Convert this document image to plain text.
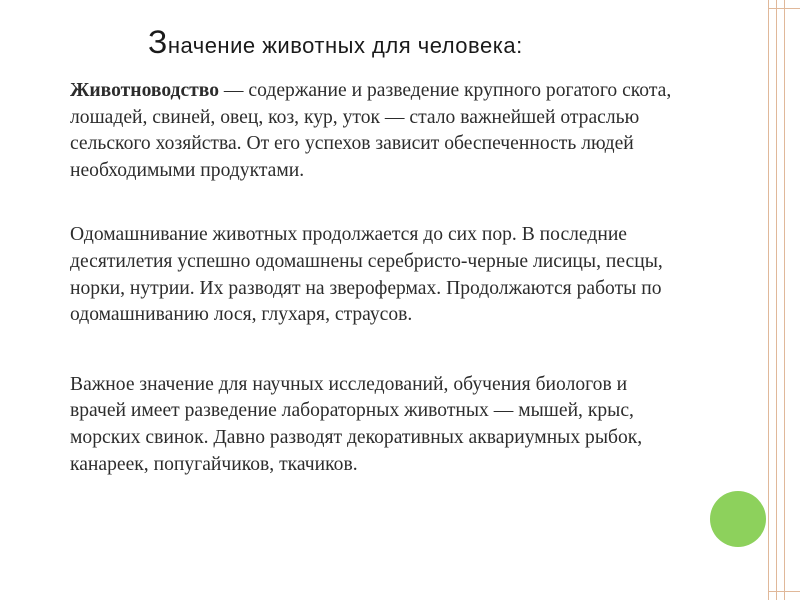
Значение животных для человека:
Животноводство — содержание и разведение крупного рогатого скота, лошадей, свиней, овец, коз, кур, уток — стало важнейшей отраслью сельского хозяйства. От его успехов зависит обеспеченность людей необходимыми продуктами.
Одомашнивание животных продолжается до сих пор. В последние десятилетия успешно одомашнены серебристо-черные лисицы, песцы, норки, нутрии. Их разводят на зверофермах. Продолжаются работы по одомашниванию лося, глухаря, страусов.
Важное значение для научных исследований, обучения биологов и врачей имеет разведение лабораторных животных — мышей, крыс, морских свинок. Давно разводят декоративных аквариумных рыбок, канареек, попугайчиков, ткачиков.
